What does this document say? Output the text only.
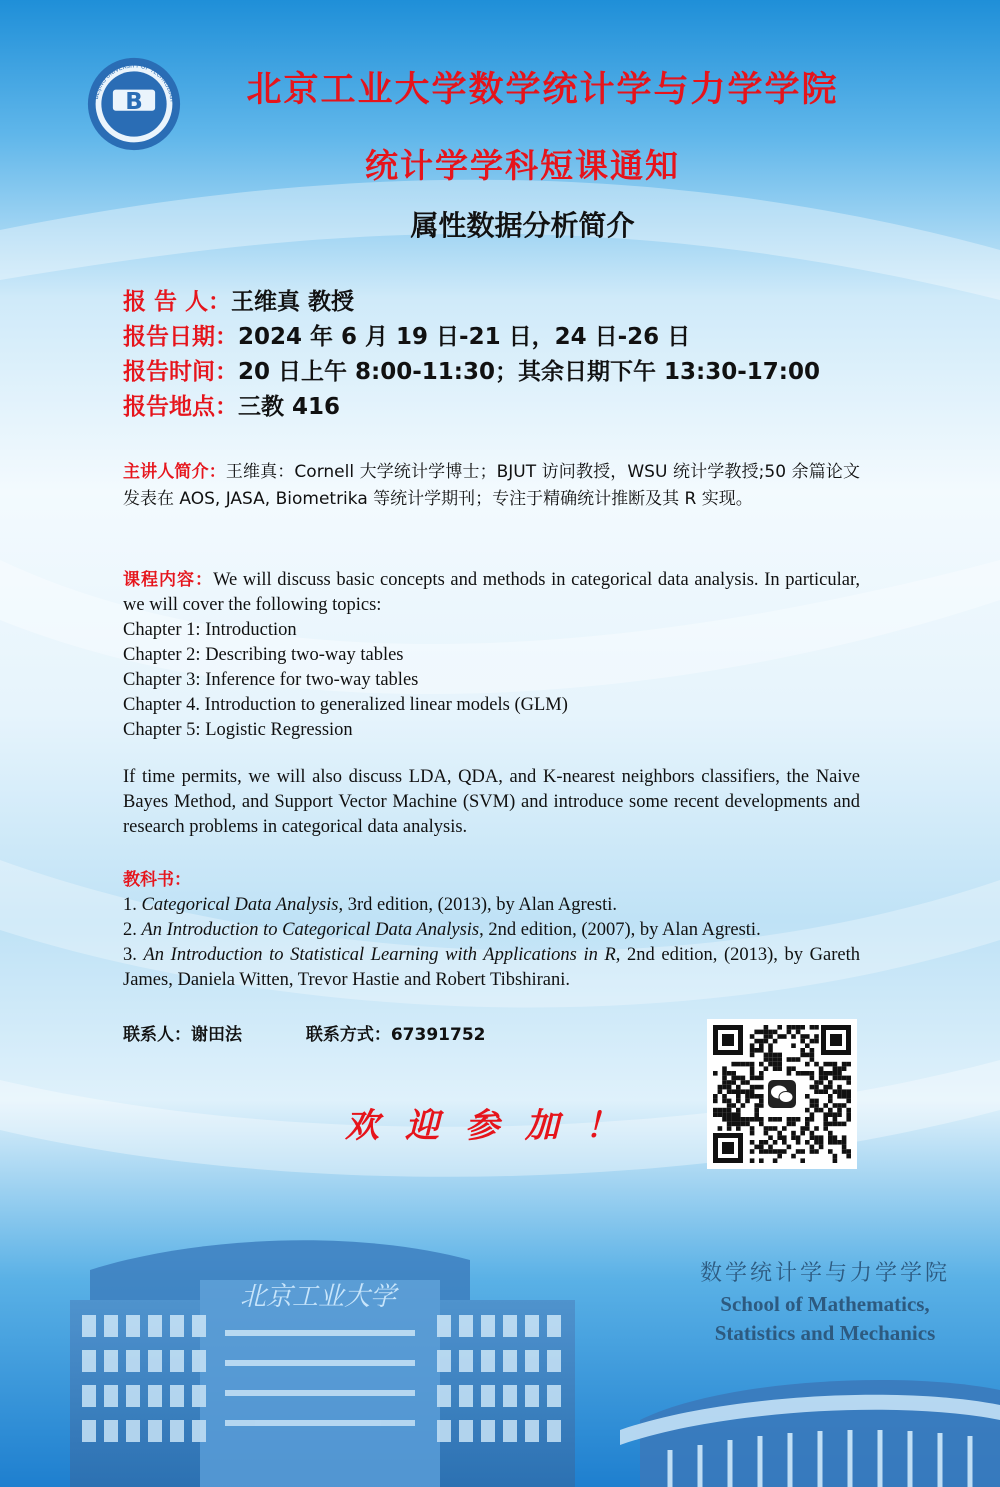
北京工业大学
B
BEIJING UNIVERSITY OF TECHNOLOGY	北京工业大学数学统计学与力学学院
统计学学科短课通知
属性数据分析简介
报 告 人：王维真 教授
报告日期：2024 年 6 月 19 日-21 日，24 日-26 日
报告时间：20 日上午 8:00-11:30；其余日期下午 13:30-17:00
报告地点：三教 416
主讲人简介：王维真：Cornell 大学统计学博士；BJUT 访问教授，WSU 统计学教授;50 余篇论文发表在 AOS, JASA, Biometrika 等统计学期刊；专注于精确统计推断及其 R 实现。
课程内容：We will discuss basic concepts and methods in categorical data analysis. In particular, we will cover the following topics:
Chapter 1: Introduction
Chapter 2: Describing two-way tables
Chapter 3: Inference for two-way tables
Chapter 4. Introduction to generalized linear models (GLM)
Chapter 5: Logistic Regression
If time permits, we will also discuss LDA, QDA, and K-nearest neighbors classifiers, the Naive Bayes Method, and Support Vector Machine (SVM) and introduce some recent developments and research problems in categorical data analysis.
教科书：
1. Categorical Data Analysis, 3rd edition, (2013), by Alan Agresti.
2. An Introduction to Categorical Data Analysis, 2nd edition, (2007), by Alan Agresti.
3. An Introduction to Statistical Learning with Applications in R, 2nd edition, (2013), by Gareth James, Daniela Witten, Trevor Hastie and Robert Tibshirani.
联系人：谢田法	联系方式：67391752
欢迎参加！
数学统计学与力学学院
School of Mathematics,
Statistics and Mechanics
